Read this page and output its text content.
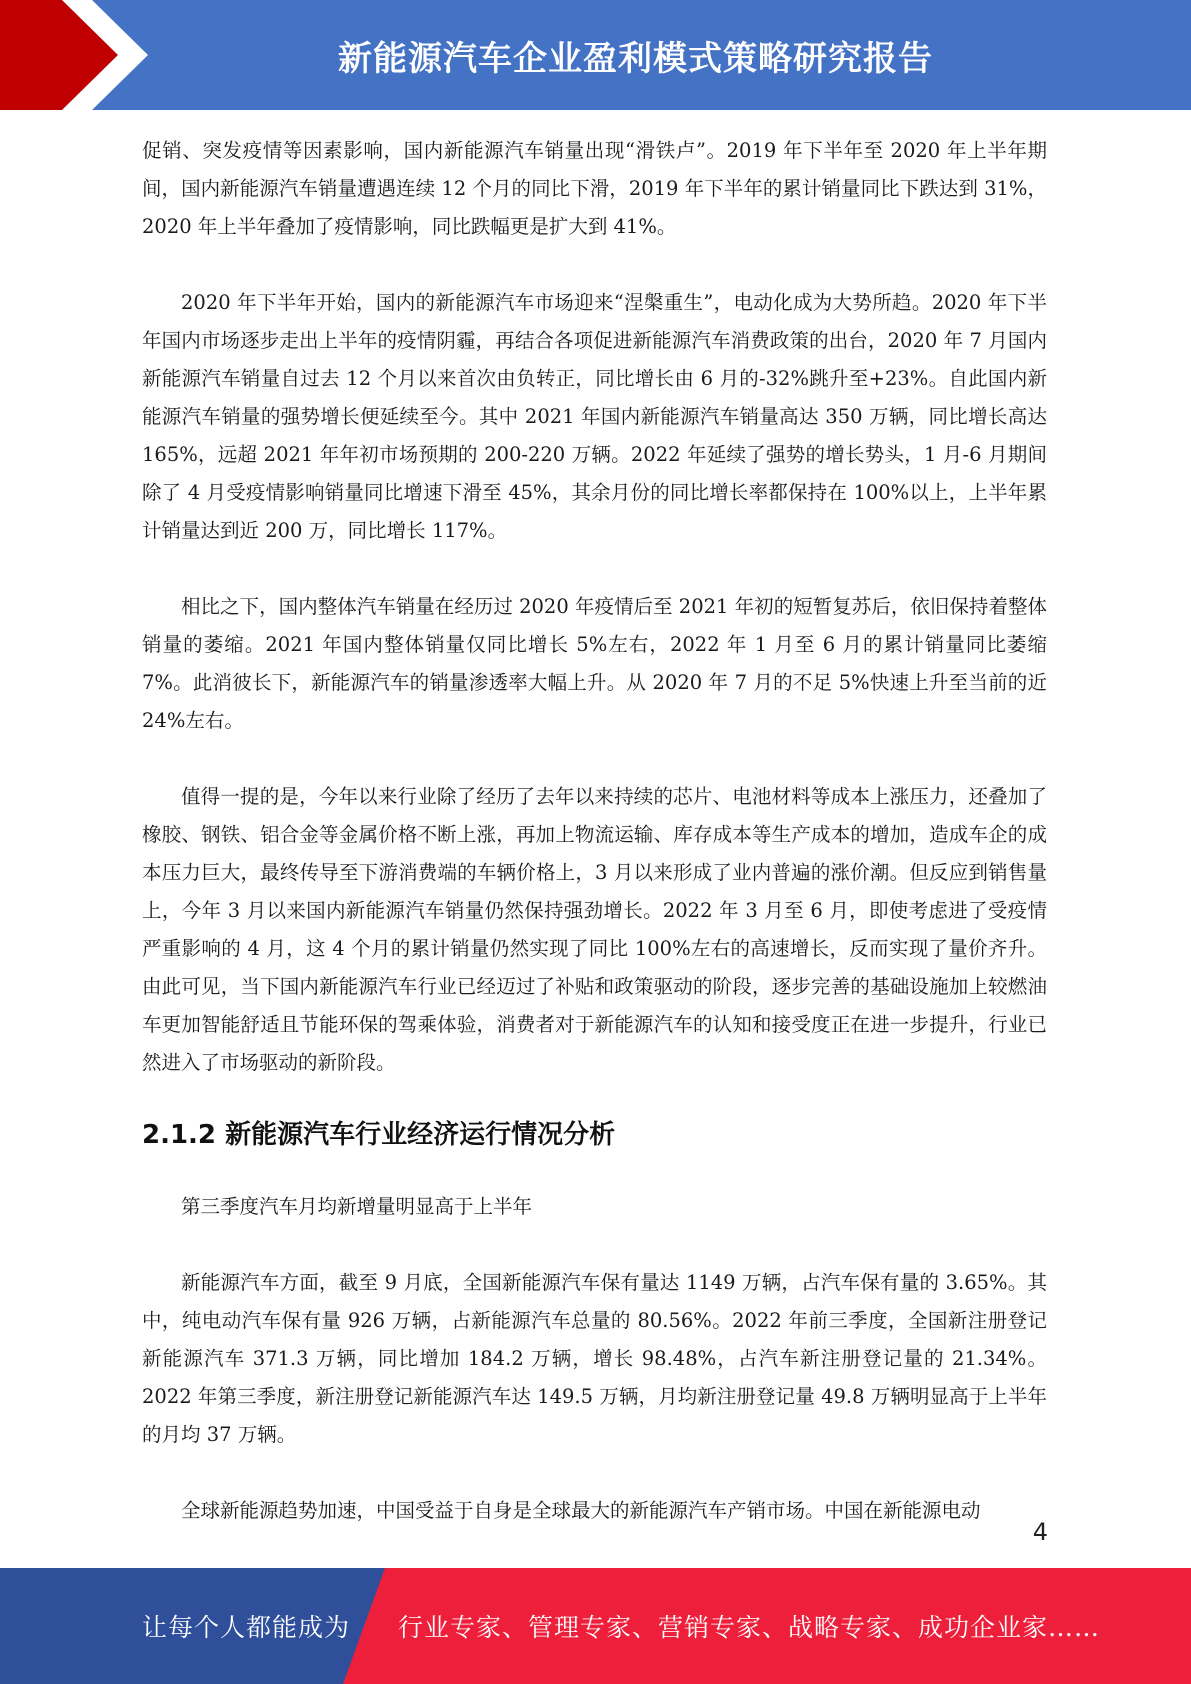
新能源汽车企业盈利模式策略研究报告

促销、突发疫情等因素影响，国内新能源汽车销量出现“滑铁卢”。2019 年下半年至 2020 年上半年期间，国内新能源汽车销量遭遇连续 12 个月的同比下滑，2019 年下半年的累计销量同比下跌达到 31%，2020 年上半年叠加了疫情影响，同比跌幅更是扩大到 41%。

2020 年下半年开始，国内的新能源汽车市场迎来“涅槃重生”，电动化成为大势所趋。2020 年下半年国内市场逐步走出上半年的疫情阴霾，再结合各项促进新能源汽车消费政策的出台，2020 年 7 月国内新能源汽车销量自过去 12 个月以来首次由负转正，同比增长由 6 月的-32%跳升至+23%。自此国内新能源汽车销量的强势增长便延续至今。其中 2021 年国内新能源汽车销量高达 350 万辆，同比增长高达 165%，远超 2021 年年初市场预期的 200-220 万辆。2022 年延续了强势的增长势头，1 月-6 月期间除了 4 月受疫情影响销量同比增速下滑至 45%，其余月份的同比增长率都保持在 100%以上，上半年累计销量达到近 200 万，同比增长 117%。

相比之下，国内整体汽车销量在经历过 2020 年疫情后至 2021 年初的短暂复苏后，依旧保持着整体销量的萎缩。2021 年国内整体销量仅同比增长 5%左右，2022 年 1 月至 6 月的累计销量同比萎缩 7%。此消彼长下，新能源汽车的销量渗透率大幅上升。从 2020 年 7 月的不足 5%快速上升至当前的近 24%左右。

值得一提的是，今年以来行业除了经历了去年以来持续的芯片、电池材料等成本上涨压力，还叠加了橡胶、钢铁、铝合金等金属价格不断上涨，再加上物流运输、库存成本等生产成本的增加，造成车企的成本压力巨大，最终传导至下游消费端的车辆价格上，3 月以来形成了业内普遍的涨价潮。但反应到销售量上，今年 3 月以来国内新能源汽车销量仍然保持强劲增长。2022 年 3 月至 6 月，即使考虑进了受疫情严重影响的 4 月，这 4 个月的累计销量仍然实现了同比 100%左右的高速增长，反而实现了量价齐升。由此可见，当下国内新能源汽车行业已经迈过了补贴和政策驱动的阶段，逐步完善的基础设施加上较燃油车更加智能舒适且节能环保的驾乘体验，消费者对于新能源汽车的认知和接受度正在进一步提升，行业已然进入了市场驱动的新阶段。

2.1.2 新能源汽车行业经济运行情况分析

第三季度汽车月均新增量明显高于上半年

新能源汽车方面，截至 9 月底，全国新能源汽车保有量达 1149 万辆，占汽车保有量的 3.65%。其中，纯电动汽车保有量 926 万辆，占新能源汽车总量的 80.56%。2022 年前三季度，全国新注册登记新能源汽车 371.3 万辆，同比增加 184.2 万辆，增长 98.48%，占汽车新注册登记量的 21.34%。2022 年第三季度，新注册登记新能源汽车达 149.5 万辆，月均新注册登记量 49.8 万辆明显高于上半年的月均 37 万辆。

全球新能源趋势加速，中国受益于自身是全球最大的新能源汽车产销市场。中国在新能源电动

4
让每个人都能成为	行业专家、管理专家、营销专家、战略专家、成功企业家……
